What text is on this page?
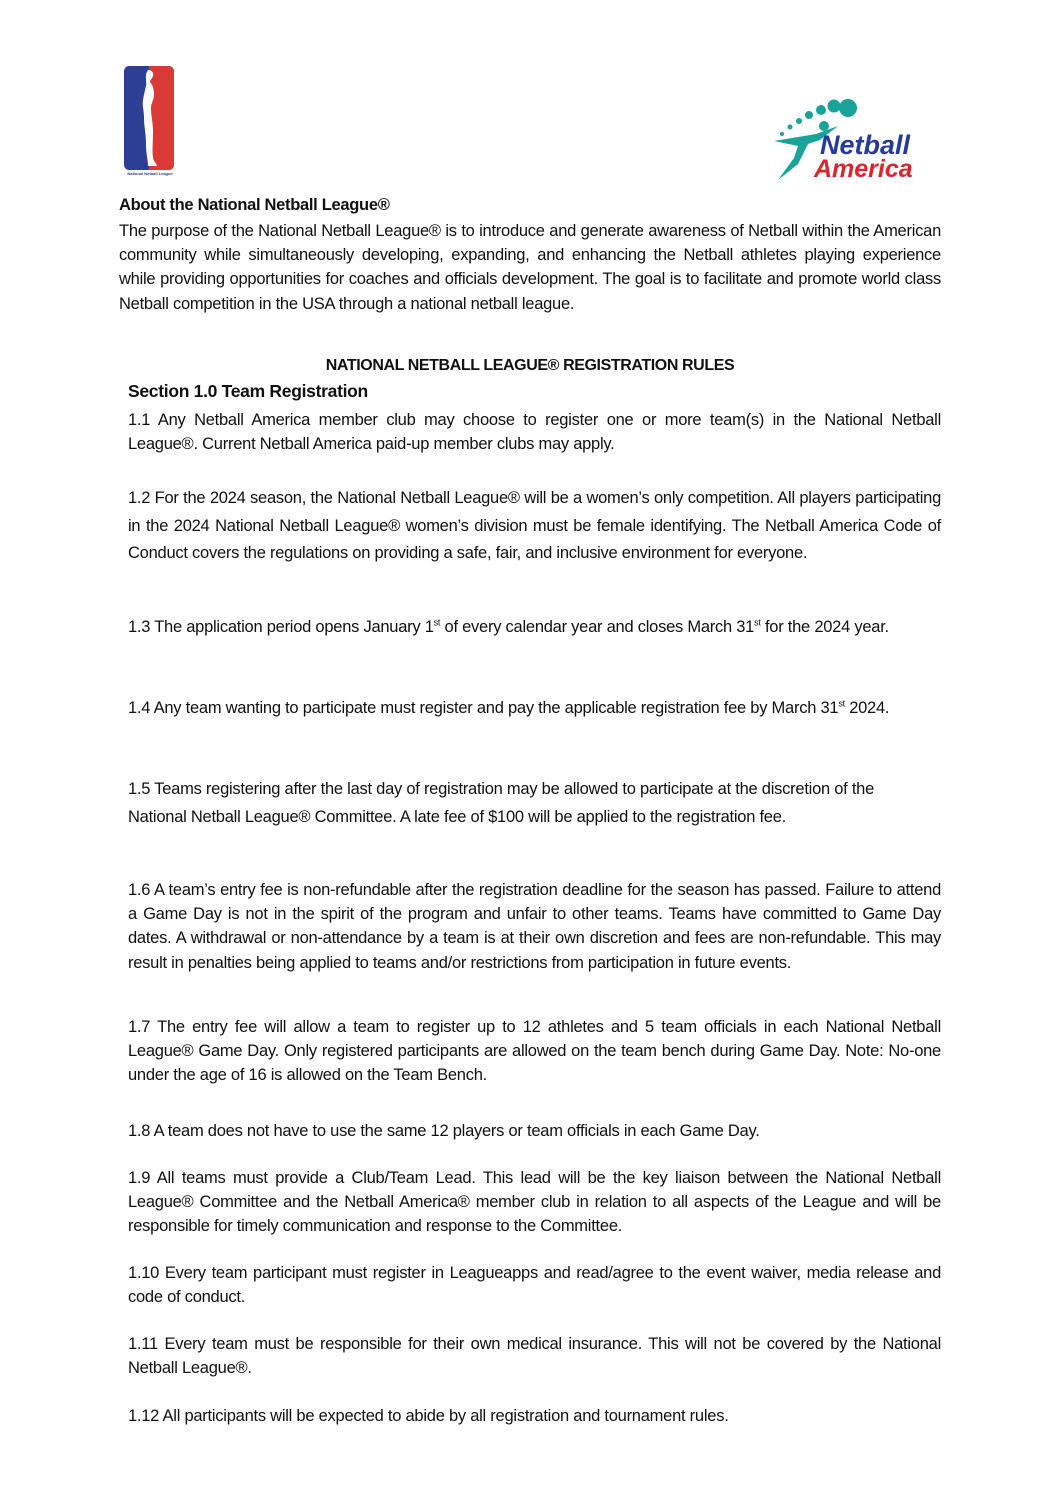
National Netball League
Netball
America
About the National Netball League®
The purpose of the National Netball League® is to introduce and generate awareness of Netball within the American community while simultaneously developing, expanding, and enhancing the Netball athletes playing experience while providing opportunities for coaches and officials development. The goal is to facilitate and promote world class Netball competition in the USA through a national netball league.
NATIONAL NETBALL LEAGUE® REGISTRATION RULES
Section 1.0 Team Registration
1.1 Any Netball America member club may choose to register one or more team(s) in the National Netball League®. Current Netball America paid-up member clubs may apply.
1.2 For the 2024 season, the National Netball League® will be a women’s only competition. All players participating in the 2024 National Netball League® women’s division must be female identifying. The Netball America Code of Conduct covers the regulations on providing a safe, fair, and inclusive environment for everyone.
1.3 The application period opens January 1st of every calendar year and closes March 31st for the 2024 year.
1.4 Any team wanting to participate must register and pay the applicable registration fee by March 31st 2024.
1.5 Teams registering after the last day of registration may be allowed to participate at the discretion of the National Netball League® Committee. A late fee of $100 will be applied to the registration fee.
1.6 A team’s entry fee is non-refundable after the registration deadline for the season has passed. Failure to attend a Game Day is not in the spirit of the program and unfair to other teams. Teams have committed to Game Day dates. A withdrawal or non-attendance by a team is at their own discretion and fees are non-refundable. This may result in penalties being applied to teams and/or restrictions from participation in future events.
1.7 The entry fee will allow a team to register up to 12 athletes and 5 team officials in each National Netball League® Game Day. Only registered participants are allowed on the team bench during Game Day. Note: No-one under the age of 16 is allowed on the Team Bench.
1.8 A team does not have to use the same 12 players or team officials in each Game Day.
1.9 All teams must provide a Club/Team Lead. This lead will be the key liaison between the National Netball League® Committee and the Netball America® member club in relation to all aspects of the League and will be responsible for timely communication and response to the Committee.
1.10 Every team participant must register in Leagueapps and read/agree to the event waiver, media release and code of conduct.
1.11 Every team must be responsible for their own medical insurance. This will not be covered by the National Netball League®.
1.12 All participants will be expected to abide by all registration and tournament rules.
